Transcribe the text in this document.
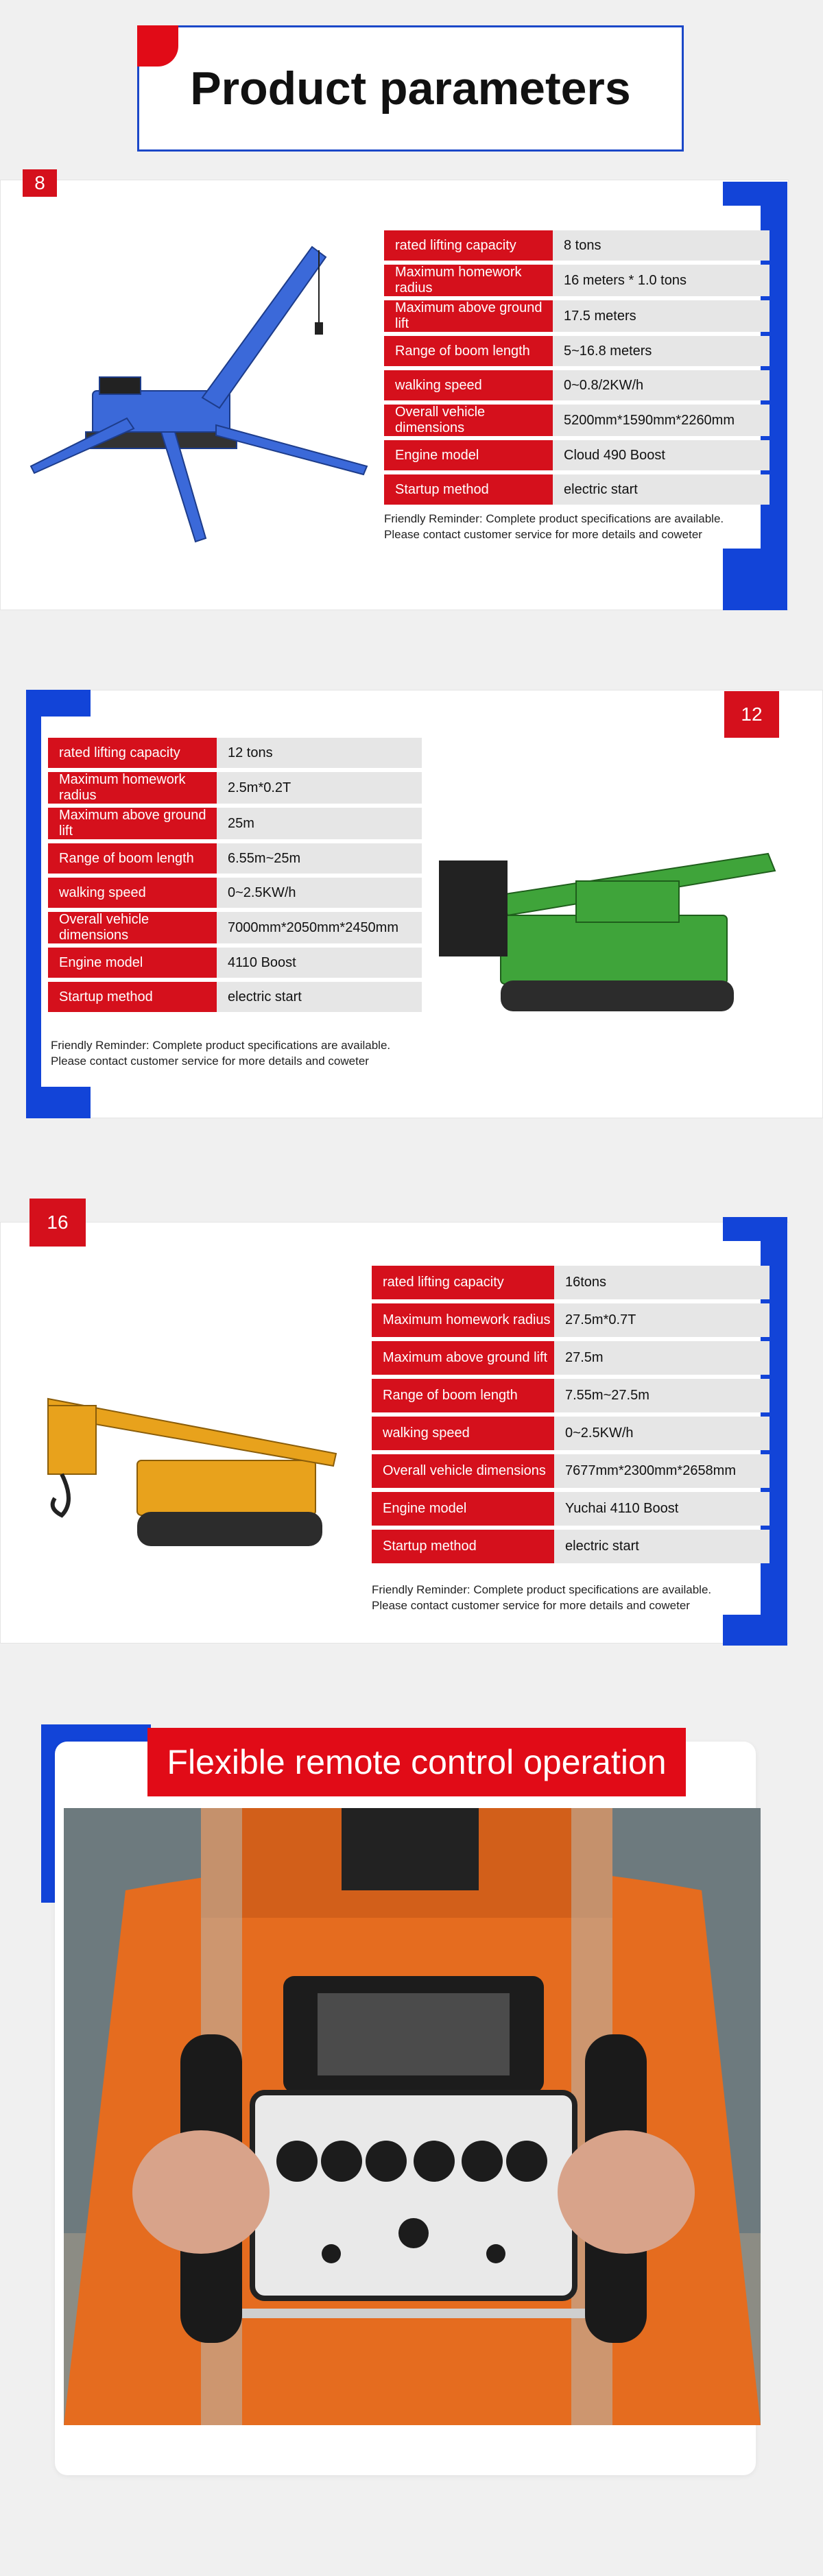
Product parameters
8
rated lifting capacity	8 tons
Maximum homework radius	16 meters * 1.0 tons
Maximum above ground lift	17.5 meters
Range of boom length	5~16.8 meters
walking speed	0~0.8/2KW/h
Overall vehicle dimensions	5200mm*1590mm*2260mm
Engine model	Cloud 490 Boost
Startup method	electric start
Friendly Reminder: Complete product specifications are available. Please contact customer service for more details and coweter
12
rated lifting capacity	12 tons
Maximum homework radius	2.5m*0.2T
Maximum above ground lift	25m
Range of boom length	6.55m~25m
walking speed	0~2.5KW/h
Overall vehicle dimensions	7000mm*2050mm*2450mm
Engine model	4110 Boost
Startup method	electric start
Friendly Reminder: Complete product specifications are available. Please contact customer service for more details and coweter
16
rated lifting capacity	16tons
Maximum homework radius	27.5m*0.7T
Maximum above ground lift	27.5m
Range of boom length	7.55m~27.5m
walking speed	0~2.5KW/h
Overall vehicle dimensions	7677mm*2300mm*2658mm
Engine model	Yuchai 4110 Boost
Startup method	electric start
Friendly Reminder: Complete product specifications are available. Please contact customer service for more details and coweter
Flexible remote control operation
